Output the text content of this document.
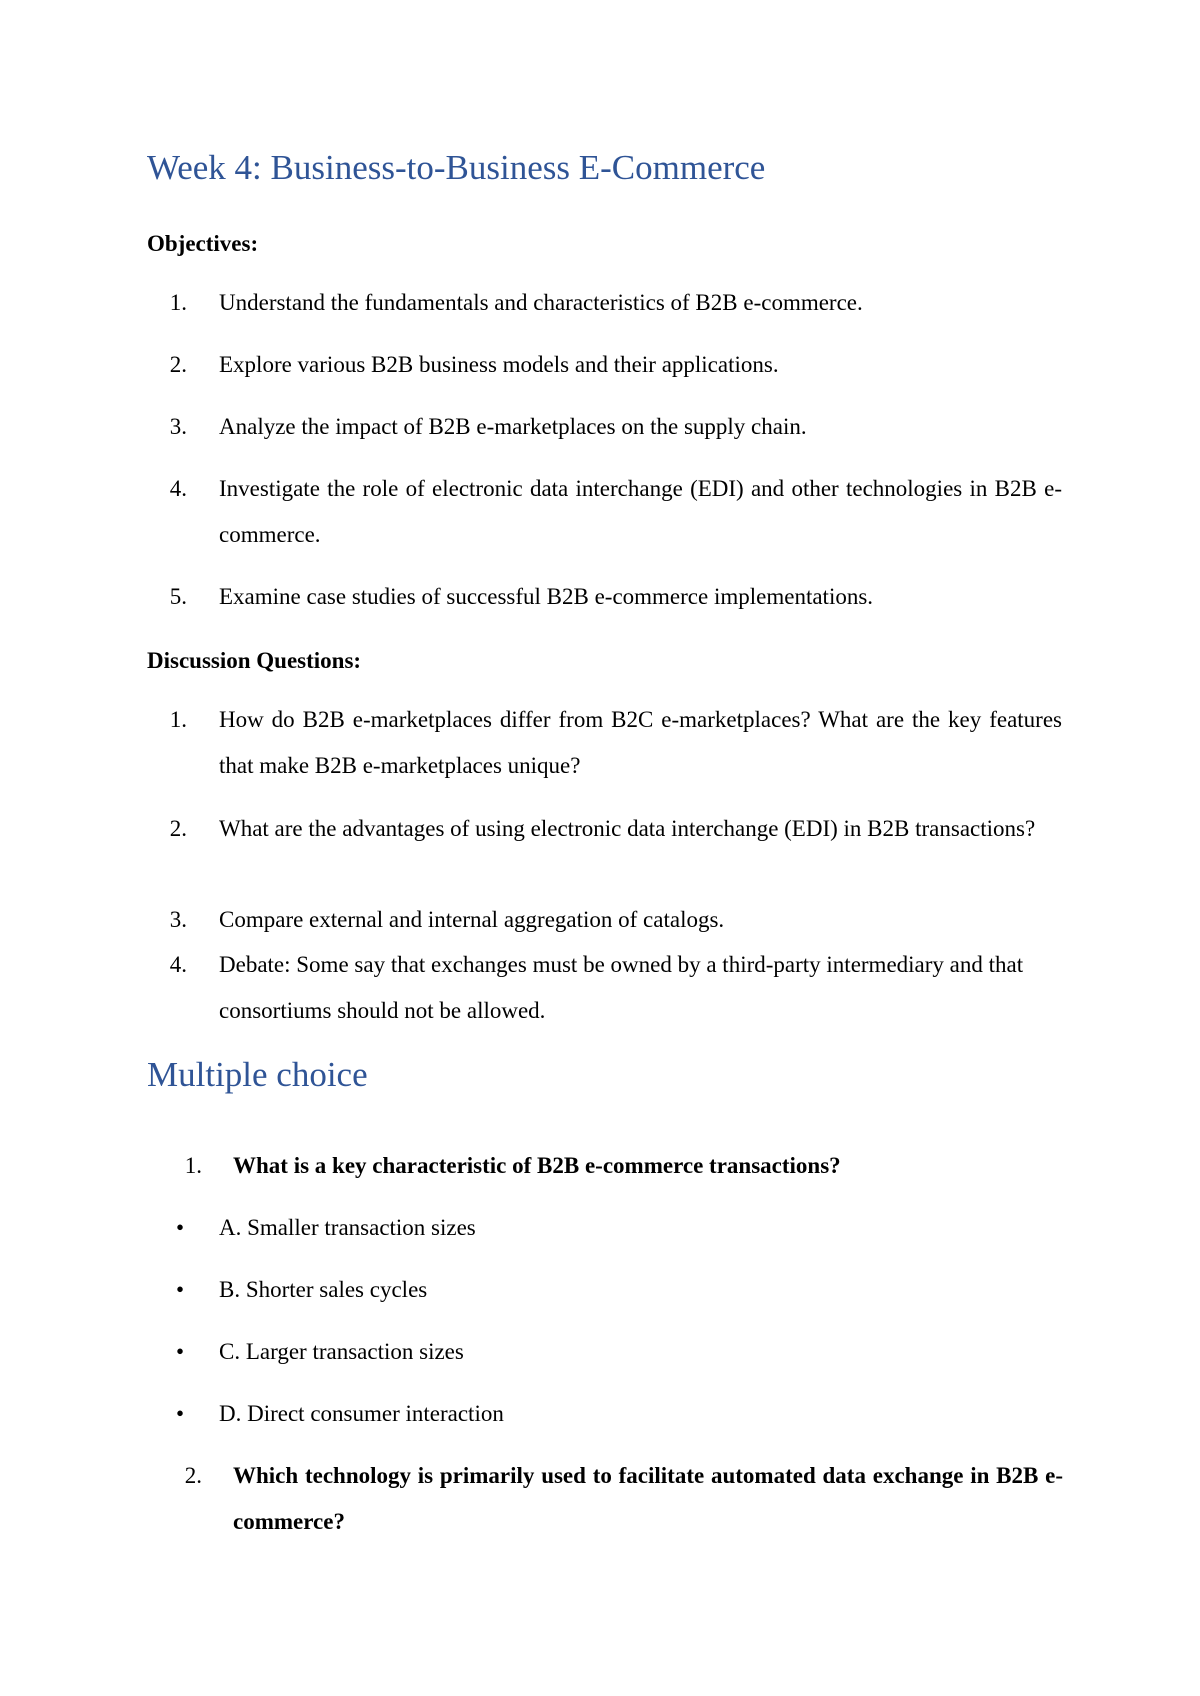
Week 4: Business-to-Business E-Commerce
Objectives:
1. Understand the fundamentals and characteristics of B2B e-commerce.
2. Explore various B2B business models and their applications.
3. Analyze the impact of B2B e-marketplaces on the supply chain.
4. Investigate the role of electronic data interchange (EDI) and other technologies in B2B e-commerce.
5. Examine case studies of successful B2B e-commerce implementations.
Discussion Questions:
1. How do B2B e-marketplaces differ from B2C e-marketplaces? What are the key features that make B2B e-marketplaces unique?
2. What are the advantages of using electronic data interchange (EDI) in B2B transactions?
3. Compare external and internal aggregation of catalogs.
4. Debate: Some say that exchanges must be owned by a third-party intermediary and that consortiums should not be allowed.
Multiple choice
1. What is a key characteristic of B2B e-commerce transactions?
• A. Smaller transaction sizes
• B. Shorter sales cycles
• C. Larger transaction sizes
• D. Direct consumer interaction
2. Which technology is primarily used to facilitate automated data exchange in B2B e-commerce?
